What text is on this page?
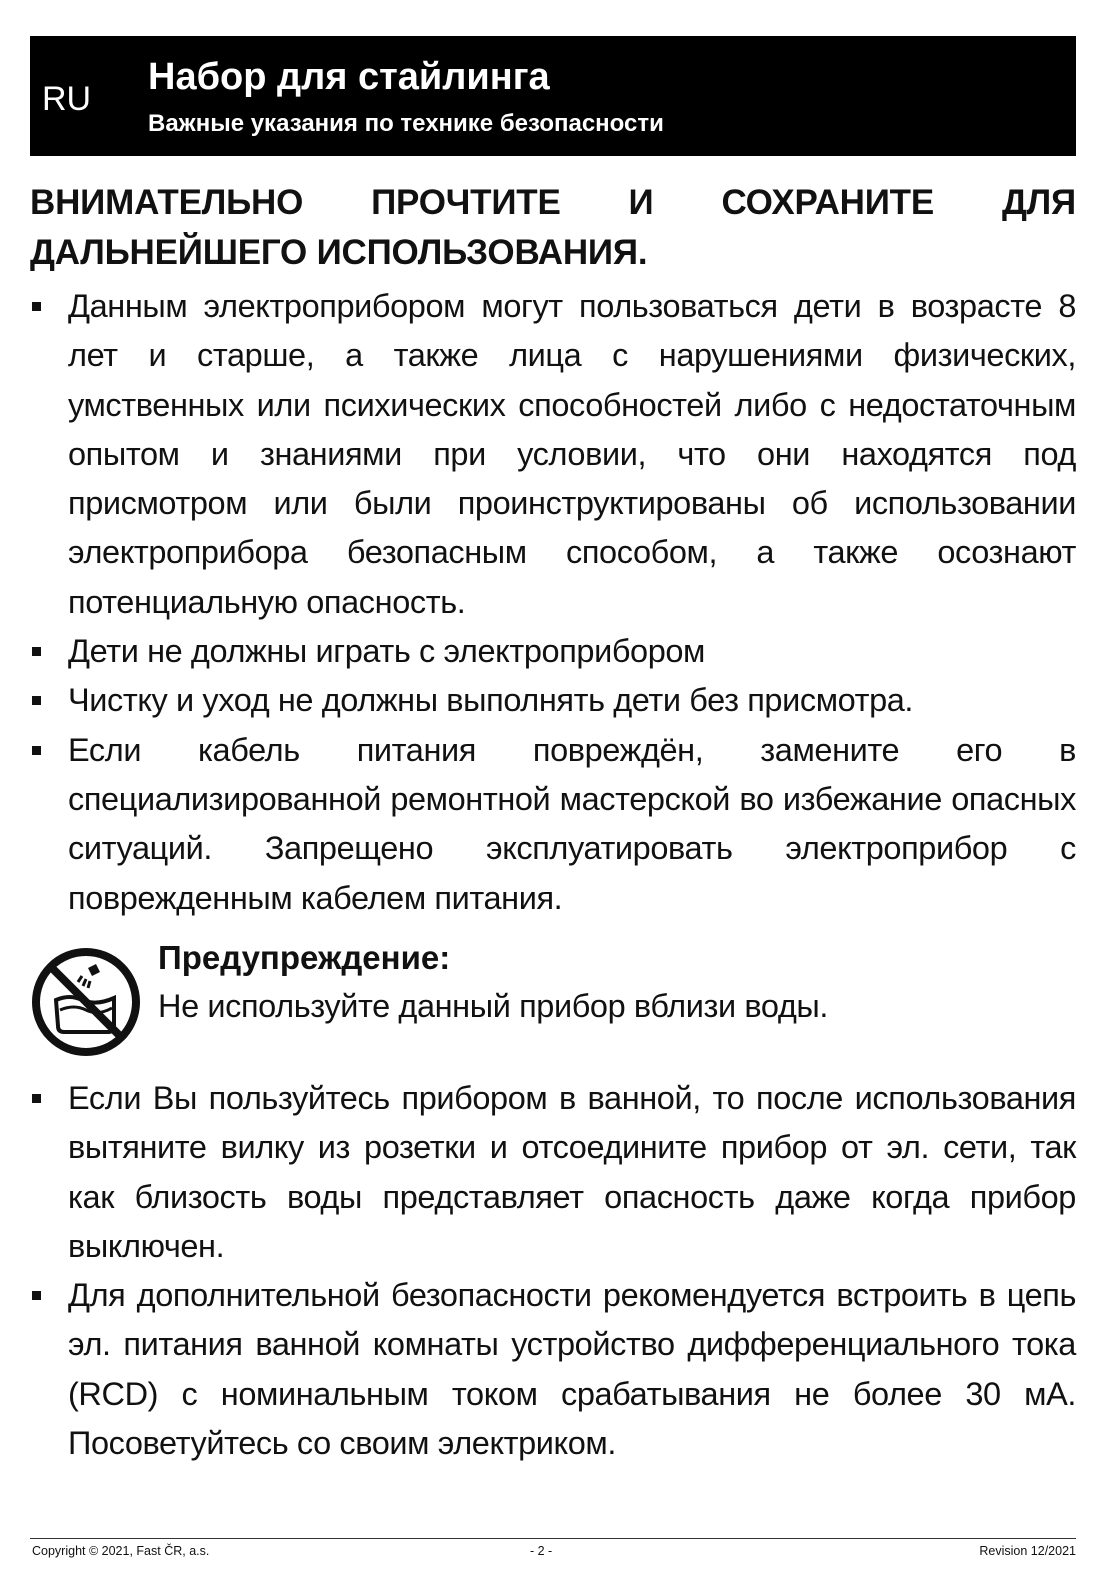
RU
Набор для стайлинга
Важные указания по технике безопасности
ВНИМАТЕЛЬНО ПРОЧТИТЕ И СОХРАНИТЕ ДЛЯ ДАЛЬНЕЙШЕГО ИСПОЛЬЗОВАНИЯ.
Данным электроприбором могут пользоваться дети в возрасте 8 лет и старше, а также лица с нарушениями физических, умственных или психических способностей либо с недостаточным опытом и знаниями при условии, что они находятся под присмотром или были проинструктированы об использовании электроприбора безопасным способом, а также осознают потенциальную опасность.
Дети не должны играть с электроприбором
Чистку и уход не должны выполнять дети без присмотра.
Если кабель питания повреждён, замените его в специализированной ремонтной мастерской во избежание опасных ситуаций. Запрещено эксплуатировать электроприбор с поврежденным кабелем питания.
Предупреждение:
Не используйте данный прибор вблизи воды.
Если Вы пользуйтесь прибором в ванной, то после использования вытяните вилку из розетки и отсоедините прибор от эл. сети, так как близость воды представляет опасность даже когда прибор выключен.
Для дополнительной безопасности рекомендуется встроить в цепь эл. питания ванной комнаты устройство дифференциального тока (RCD) с номинальным током срабатывания не более 30 мА. Посоветуйтесь со своим электриком.
Copyright © 2021, Fast ČR, a.s.	- 2 -	Revision 12/2021
